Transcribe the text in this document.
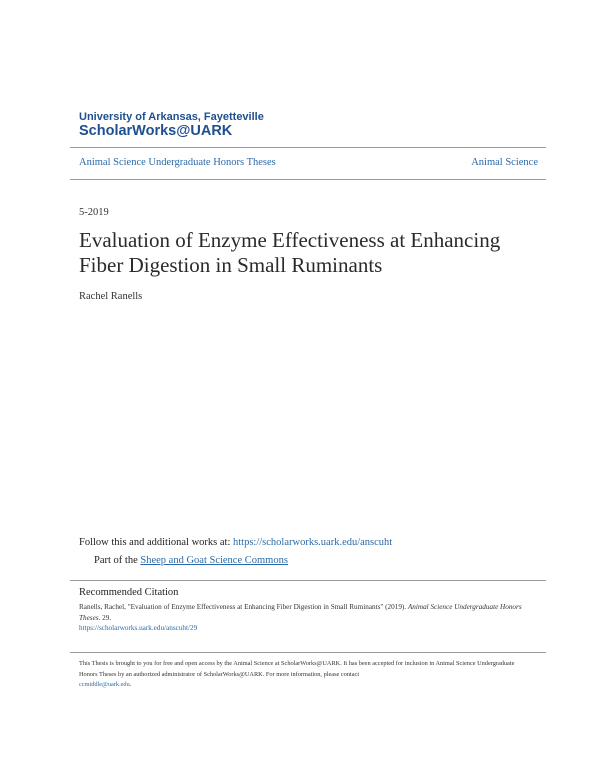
University of Arkansas, Fayetteville
ScholarWorks@UARK
Animal Science Undergraduate Honors Theses	Animal Science
5-2019
Evaluation of Enzyme Effectiveness at Enhancing Fiber Digestion in Small Ruminants
Rachel Ranells
Follow this and additional works at: https://scholarworks.uark.edu/anscuht
Part of the Sheep and Goat Science Commons
Recommended Citation
Ranells, Rachel, "Evaluation of Enzyme Effectiveness at Enhancing Fiber Digestion in Small Ruminants" (2019). Animal Science Undergraduate Honors Theses. 29.
https://scholarworks.uark.edu/anscuht/29
This Thesis is brought to you for free and open access by the Animal Science at ScholarWorks@UARK. It has been accepted for inclusion in Animal Science Undergraduate Honors Theses by an authorized administrator of ScholarWorks@UARK. For more information, please contact
ccmiddle@uark.edu.
